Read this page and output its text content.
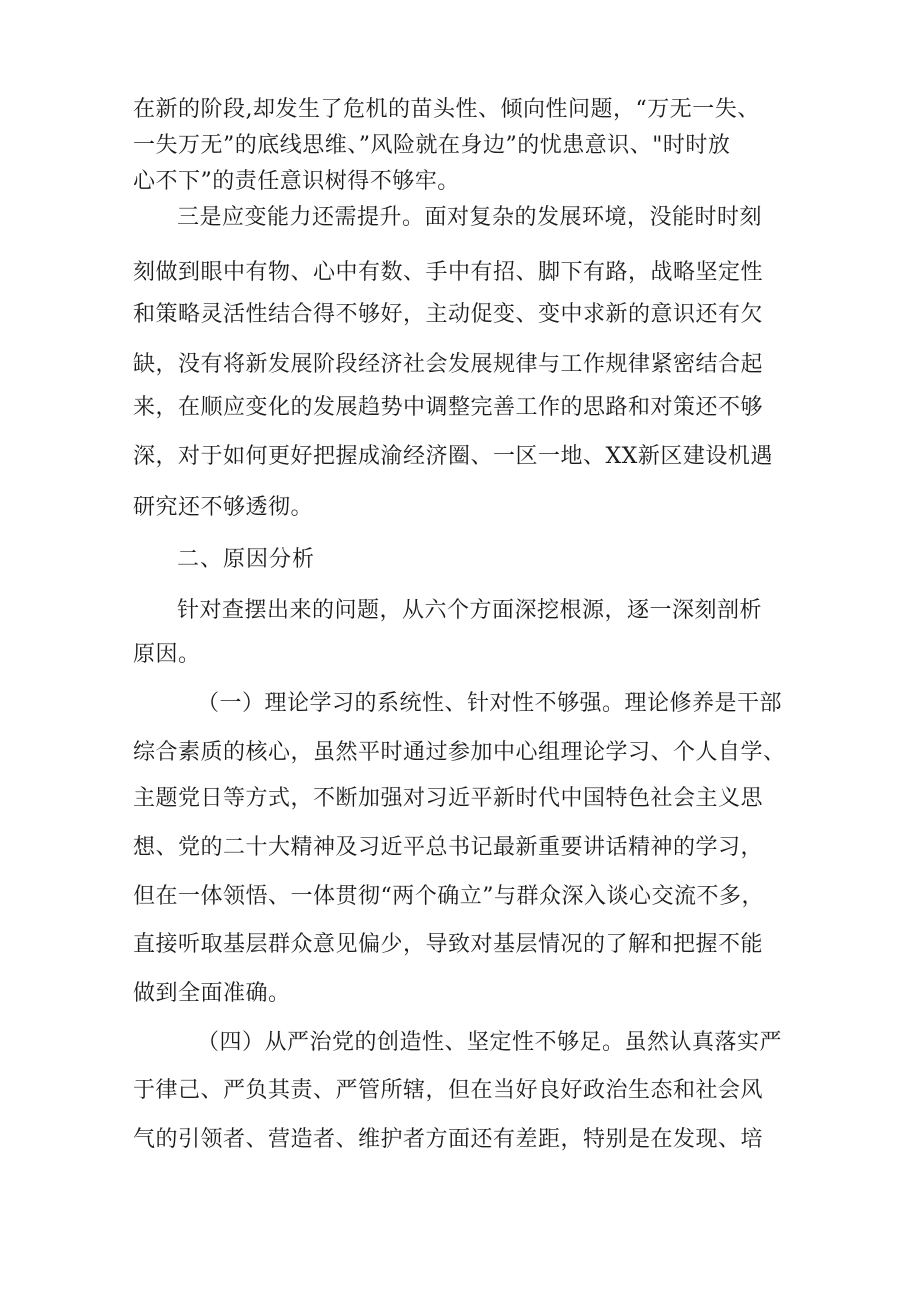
在新的阶段,却发生了危机的苗头性、倾向性问题，“万无一失、
一失万无”的底线思维、”风险就在身边”的忧患意识、"时时放
心不下”的责任意识树得不够牢。
三是应变能力还需提升。面对复杂的发展环境，没能时时刻
刻做到眼中有物、心中有数、手中有招、脚下有路，战略坚定性
和策略灵活性结合得不够好，主动促变、变中求新的意识还有欠
缺，没有将新发展阶段经济社会发展规律与工作规律紧密结合起
来，在顺应变化的发展趋势中调整完善工作的思路和对策还不够
深，对于如何更好把握成渝经济圈、一区一地、XX新区建设机遇
研究还不够透彻。
二、原因分析
针对查摆出来的问题，从六个方面深挖根源，逐一深刻剖析
原因。
（一）理论学习的系统性、针对性不够强。理论修养是干部
综合素质的核心，虽然平时通过参加中心组理论学习、个人自学、
主题党日等方式，不断加强对习近平新时代中国特色社会主义思
想、党的二十大精神及习近平总书记最新重要讲话精神的学习，
但在一体领悟、一体贯彻“两个确立”与群众深入谈心交流不多，
直接听取基层群众意见偏少，导致对基层情况的了解和把握不能
做到全面准确。
（四）从严治党的创造性、坚定性不够足。虽然认真落实严
于律己、严负其责、严管所辖，但在当好良好政治生态和社会风
气的引领者、营造者、维护者方面还有差距，特别是在发现、培
